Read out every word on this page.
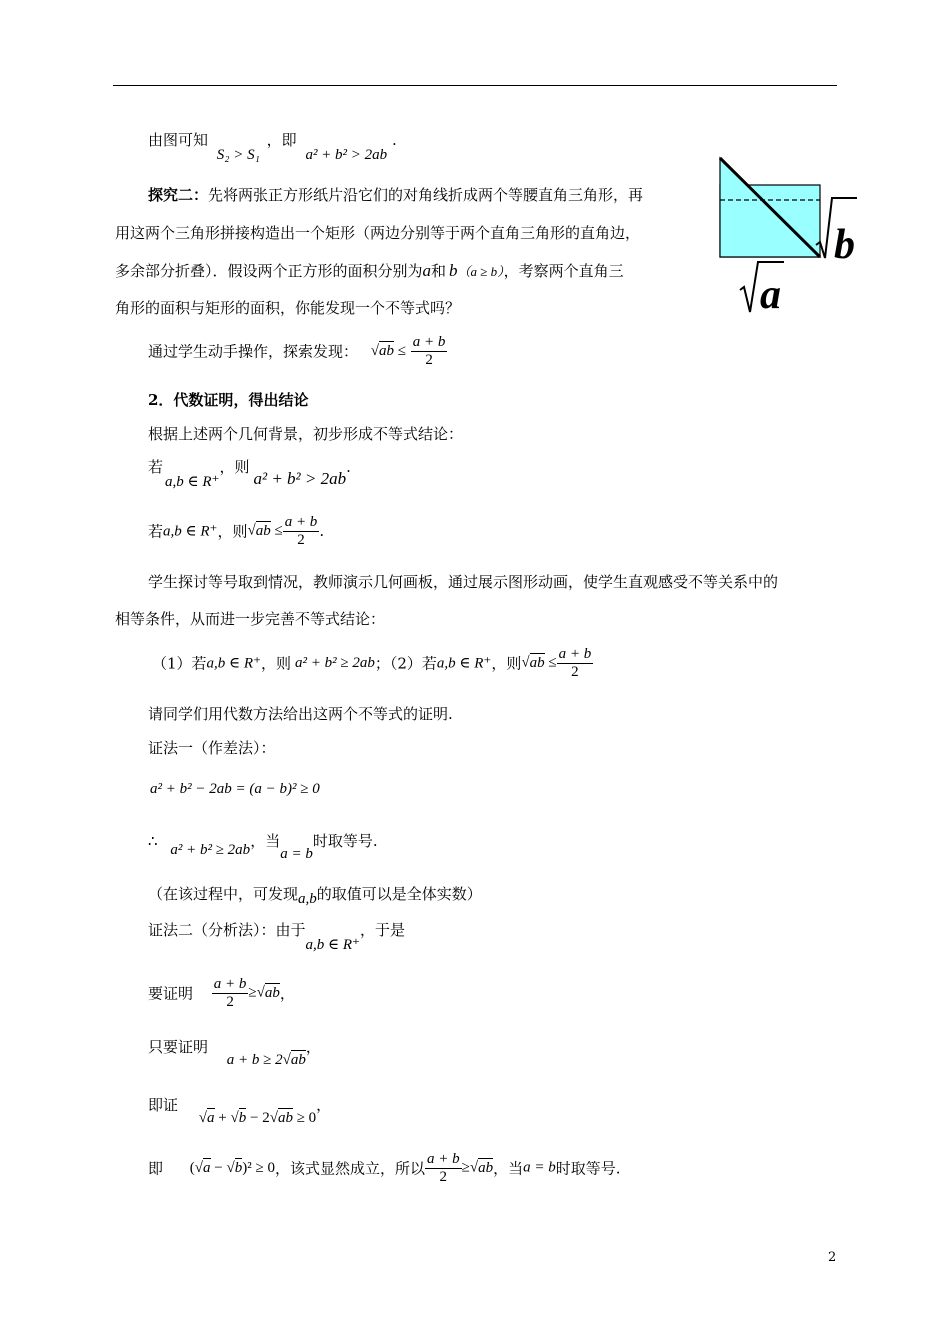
由图可知 S₂ > S₁ ，即 a² + b² > 2ab .
探究二：先将两张正方形纸片沿它们的对角线折成两个等腰直角三角形，再
用这两个三角形拼接构造出一个矩形（两边分别等于两个直角三角形的直角边，
多余部分折叠）．假设两个正方形的面积分别为a和 b（a ≥ b），考察两个直角三
角形的面积与矩形的面积，你能发现一个不等式吗？
b
a
通过学生动手操作，探索发现： $√ab \le \frac{a + b}{2}$
2．代数证明，得出结论
根据上述两个几何背景，初步形成不等式结论：
若a,b ∈ R⁺，则a² + b² > 2ab.
若a,b ∈ R⁺，则$√ab \le \frac{a + b}{2}$ .
学生探讨等号取到情况，教师演示几何画板，通过展示图形动画，使学生直观感受不等关系中的
相等条件，从而进一步完善不等式结论：
（1）若a,b ∈ R⁺，则 a² + b² ≥ 2ab；（2）若a,b ∈ R⁺，则$√ab \le \frac{a + b}{2}$
请同学们用代数方法给出这两个不等式的证明.
证法一（作差法）：
a² + b² − 2ab = (a − b)² ≥ 0
∴ a² + b² ≥ 2ab，当a = b时取等号.
（在该过程中，可发现a,b的取值可以是全体实数）
证法二（分析法）：由于a,b ∈ R⁺，于是
要证明 $\frac{a + b}{2} \ge√ab$，
只要证明 a + b ≥ 2√ab，
即证 √a + √b − 2√ab ≥ 0，
即 (√a − √b)² ≥ 0，该式显然成立，所以 $\frac{a + b}{2} \ge√ab$，当a = b时取等号.
2
